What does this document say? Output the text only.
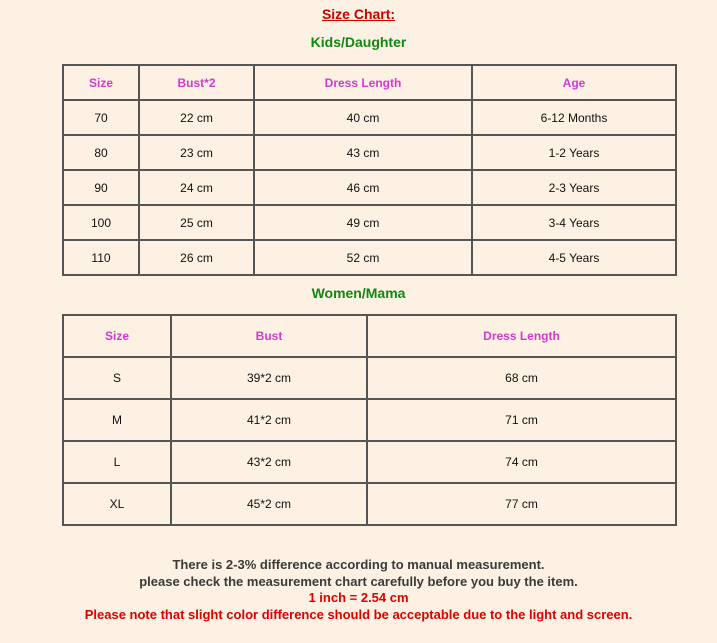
Size Chart:
Kids/Daughter
Size	Bust*2	Dress Length	Age
70	22 cm	40 cm	6-12 Months
80	23 cm	43 cm	1-2 Years
90	24 cm	46 cm	2-3 Years
100	25 cm	49 cm	3-4 Years
110	26 cm	52 cm	4-5 Years
Women/Mama
Size	Bust	Dress Length
S	39*2 cm	68 cm
M	41*2 cm	71 cm
L	43*2 cm	74 cm
XL	45*2 cm	77 cm
There is 2-3% difference according to manual measurement.
please check the measurement chart carefully before you buy the item.
1 inch = 2.54 cm
Please note that slight color difference should be acceptable due to the light and screen.
